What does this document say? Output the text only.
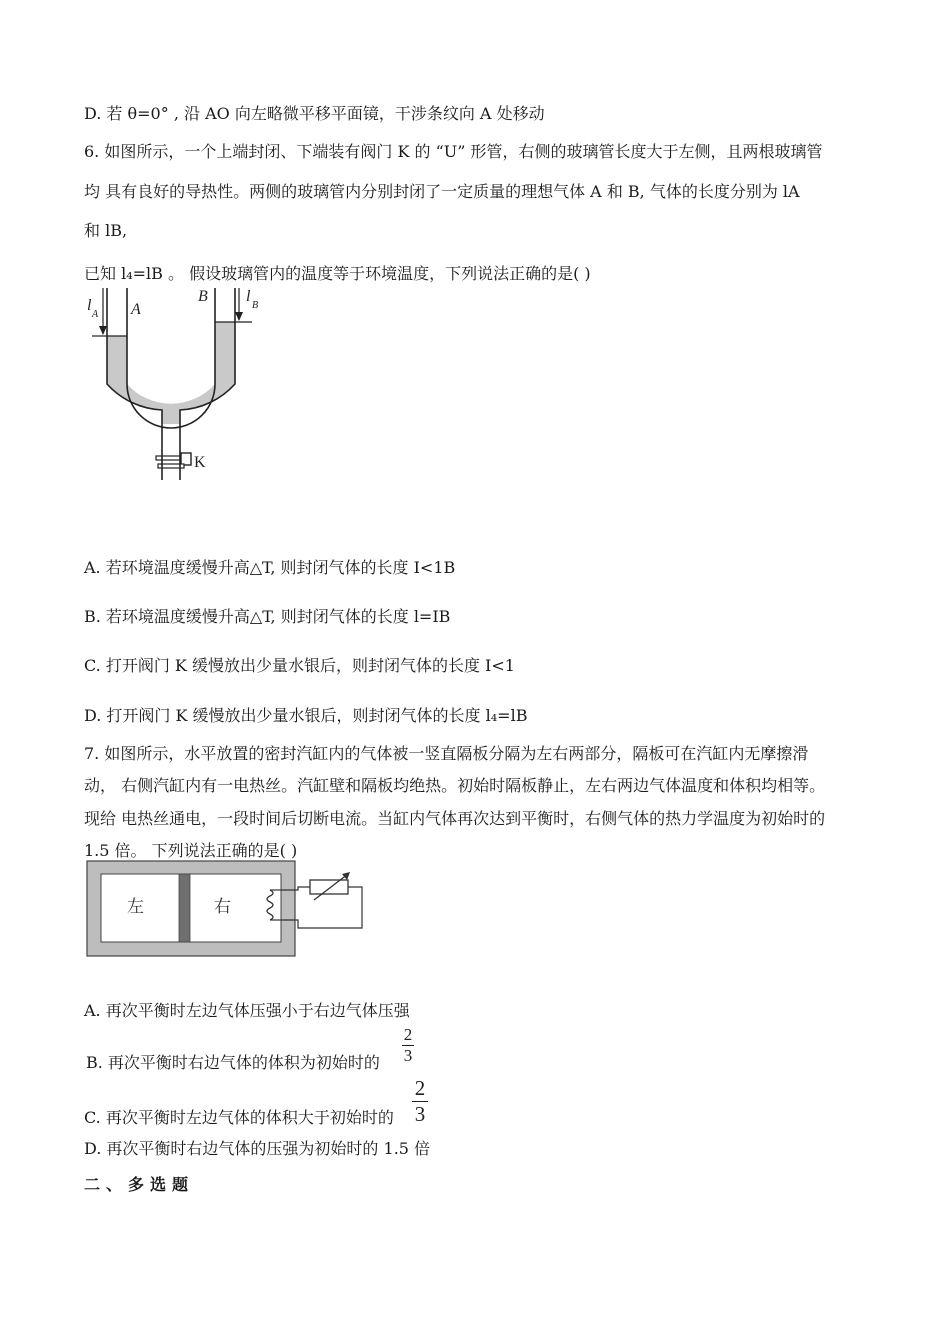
D. 若 θ=0° , 沿 AO 向左略微平移平面镜，干涉条纹向 A 处移动
6. 如图所示，一个上端封闭、下端装有阀门 K 的 “U” 形管，右侧的玻璃管长度大于左侧，且两根玻璃管
均 具有良好的导热性。两侧的玻璃管内分别封闭了一定质量的理想气体 A 和 B, 气体的长度分别为 lA
和 lB,
已知 l₄=lB 。 假设玻璃管内的温度等于环境温度，下列说法正确的是( )
l
A A
B l
B
K
A. 若环境温度缓慢升高△T, 则封闭气体的长度 I<1B
B. 若环境温度缓慢升高△T, 则封闭气体的长度 l=IB
C. 打开阀门 K 缓慢放出少量水银后，则封闭气体的长度 I<1
D. 打开阀门 K 缓慢放出少量水银后，则封闭气体的长度 l₄=lB
7. 如图所示，水平放置的密封汽缸内的气体被一竖直隔板分隔为左右两部分，隔板可在汽缸内无摩擦滑
动， 右侧汽缸内有一电热丝。汽缸壁和隔板均绝热。初始时隔板静止，左右两边气体温度和体积均相等。
现给 电热丝通电，一段时间后切断电流。当缸内气体再次达到平衡时，右侧气体的热力学温度为初始时的
1.5 倍。 下列说法正确的是( )
左	右
A. 再次平衡时左边气体压强小于右边气体压强
B. 再次平衡时右边气体的体积为初始时的 $\frac{2}{3}$
C. 再次平衡时左边气体的体积大于初始时的 $\frac{2}{3}$
D. 再次平衡时右边气体的压强为初始时的 1.5 倍
二、多选题
